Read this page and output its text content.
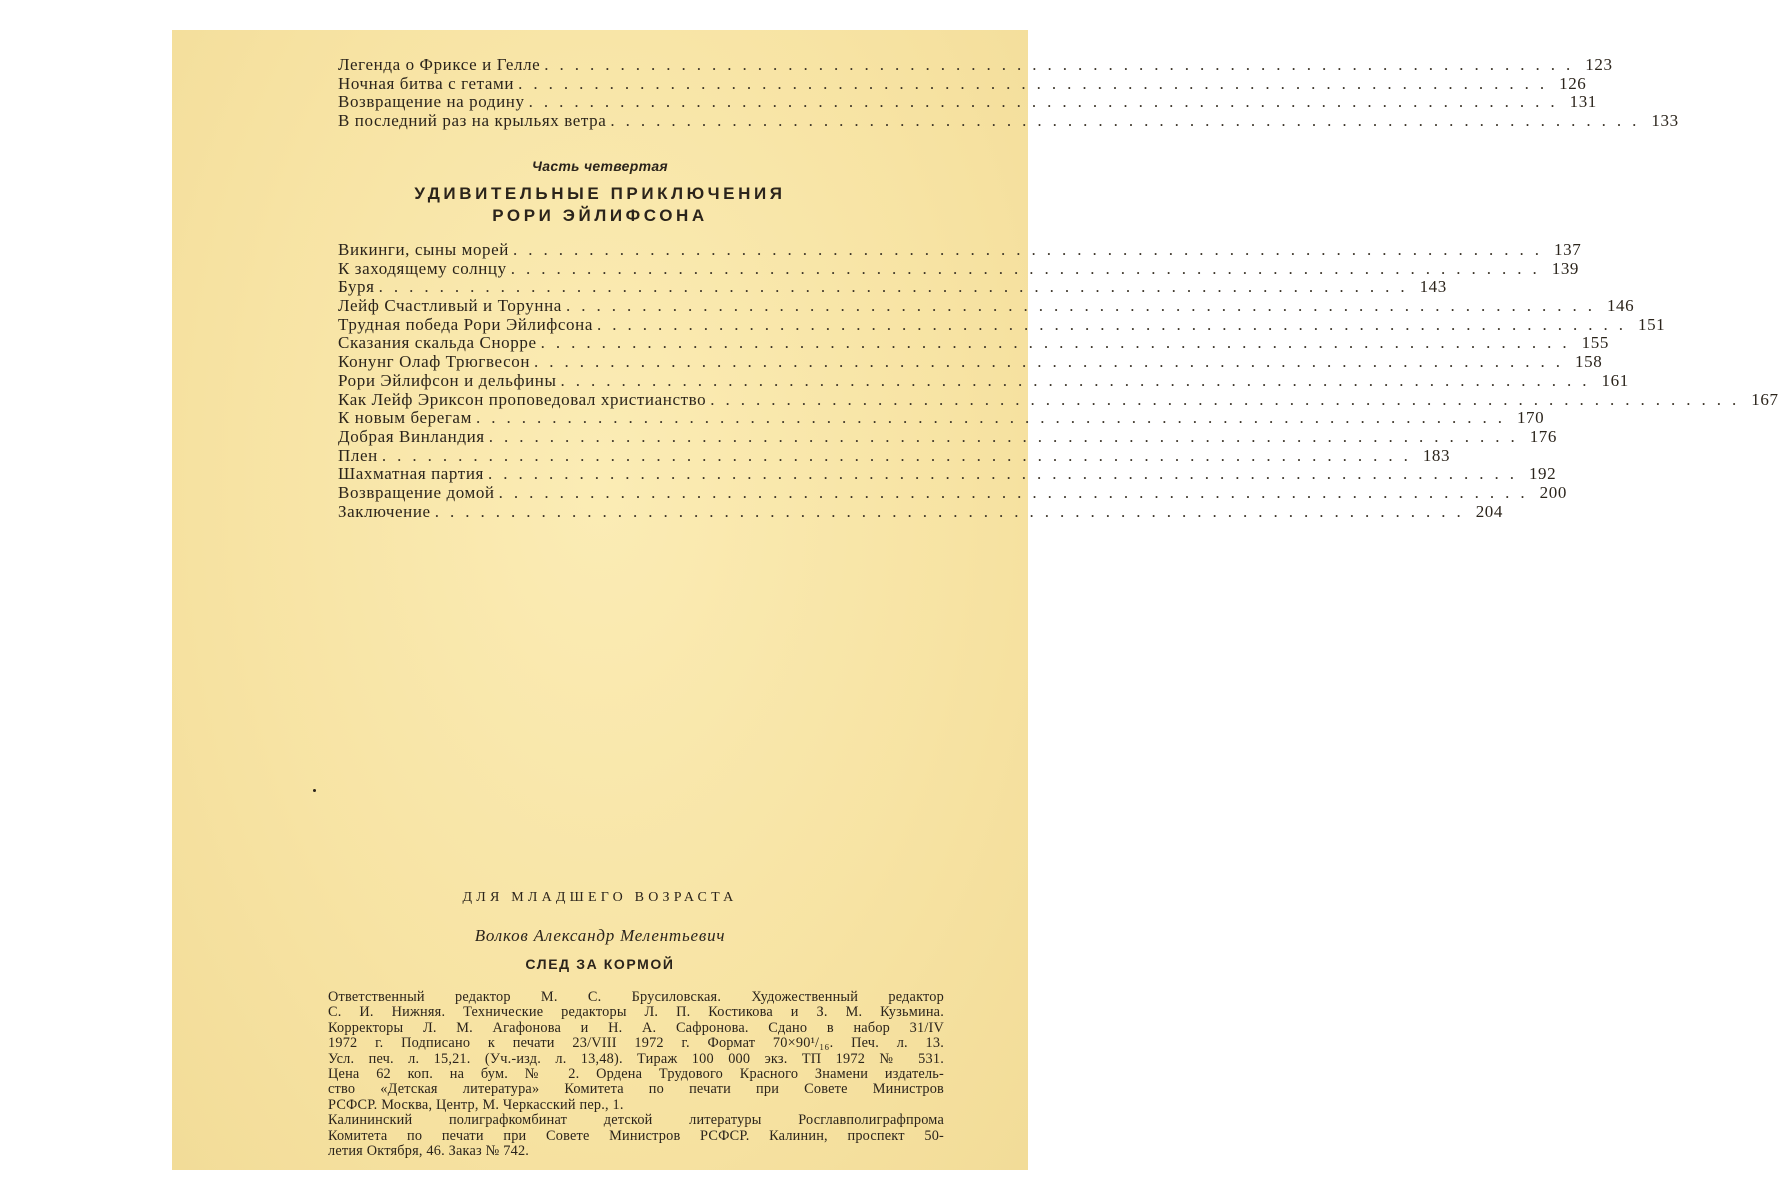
Легенда о Фриксе и Гелле .................................................................... 123
Ночная битва с гетами .................................................................... 126
Возвращение на родину .................................................................... 131
В последний раз на крыльях ветра .................................................................... 133
Часть четвертая
УДИВИТЕЛЬНЫЕ ПРИКЛЮЧЕНИЯ
РОРИ ЭЙЛИФСОНА
Викинги, сыны морей .................................................................... 137
К заходящему солнцу .................................................................... 139
Буря .................................................................... 143
Лейф Счастливый и Торунна .................................................................... 146
Трудная победа Рори Эйлифсона .................................................................... 151
Сказания скальда Снорре .................................................................... 155
Конунг Олаф Трюгвесон .................................................................... 158
Рори Эйлифсон и дельфины .................................................................... 161
Как Лейф Эриксон проповедовал христианство .................................................................... 167
К новым берегам .................................................................... 170
Добрая Винландия .................................................................... 176
Плен .................................................................... 183
Шахматная партия .................................................................... 192
Возвращение домой .................................................................... 200
Заключение .................................................................... 204
ДЛЯ МЛАДШЕГО ВОЗРАСТА
Волков Александр Мелентьевич
СЛЕД ЗА КОРМОЙ
Ответственный редактор М. С. Брусиловская. Художественный редактор
С. И. Нижняя. Технические редакторы Л. П. Костикова и З. М. Кузьмина.
Корректоры Л. М. Агафонова и Н. А. Сафронова. Сдано в набор 31/IV
1972 г. Подписано к печати 23/VIII 1972 г. Формат 70×90¹/₁₆. Печ. л. 13.
Усл. печ. л. 15,21. (Уч.-изд. л. 13,48). Тираж 100 000 экз. ТП 1972 № 531.
Цена 62 коп. на бум. № 2. Ордена Трудового Красного Знамени издатель-
ство «Детская литература» Комитета по печати при Совете Министров
РСФСР. Москва, Центр, М. Черкасский пер., 1.
Калининский полиграфкомбинат детской литературы Росглавполиграфпрома
Комитета по печати при Совете Министров РСФСР. Калинин, проспект 50-
летия Октября, 46. Заказ № 742.
